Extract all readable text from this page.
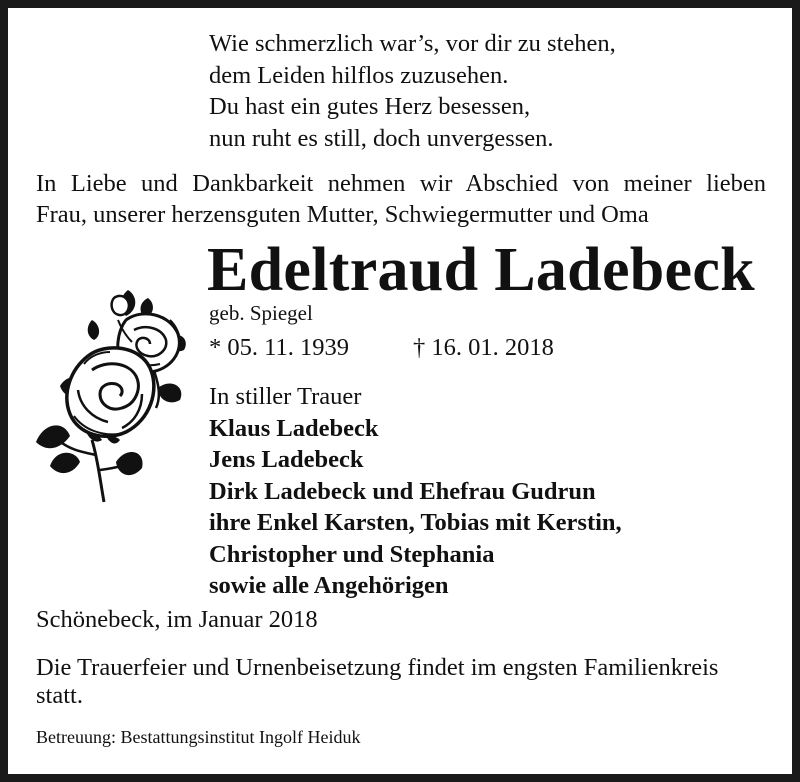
Wie schmerzlich war’s, vor dir zu stehen,
dem Leiden hilflos zuzusehen.
Du hast ein gutes Herz besessen,
nun ruht es still, doch unvergessen.
In Liebe und Dankbarkeit nehmen wir Abschied von meiner lieben
Frau, unserer herzensguten Mutter, Schwiegermutter und Oma
Edeltraud Ladebeck
geb. Spiegel
* 05. 11. 1939	† 16. 01. 2018
In stiller Trauer
Klaus Ladebeck
Jens Ladebeck
Dirk Ladebeck und Ehefrau Gudrun
ihre Enkel Karsten, Tobias mit Kerstin,
Christopher und Stephania
sowie alle Angehörigen
Schönebeck, im Januar 2018
Die Trauerfeier und Urnenbeisetzung findet im engsten Familienkreis
statt.
Betreuung: Bestattungsinstitut Ingolf Heiduk
